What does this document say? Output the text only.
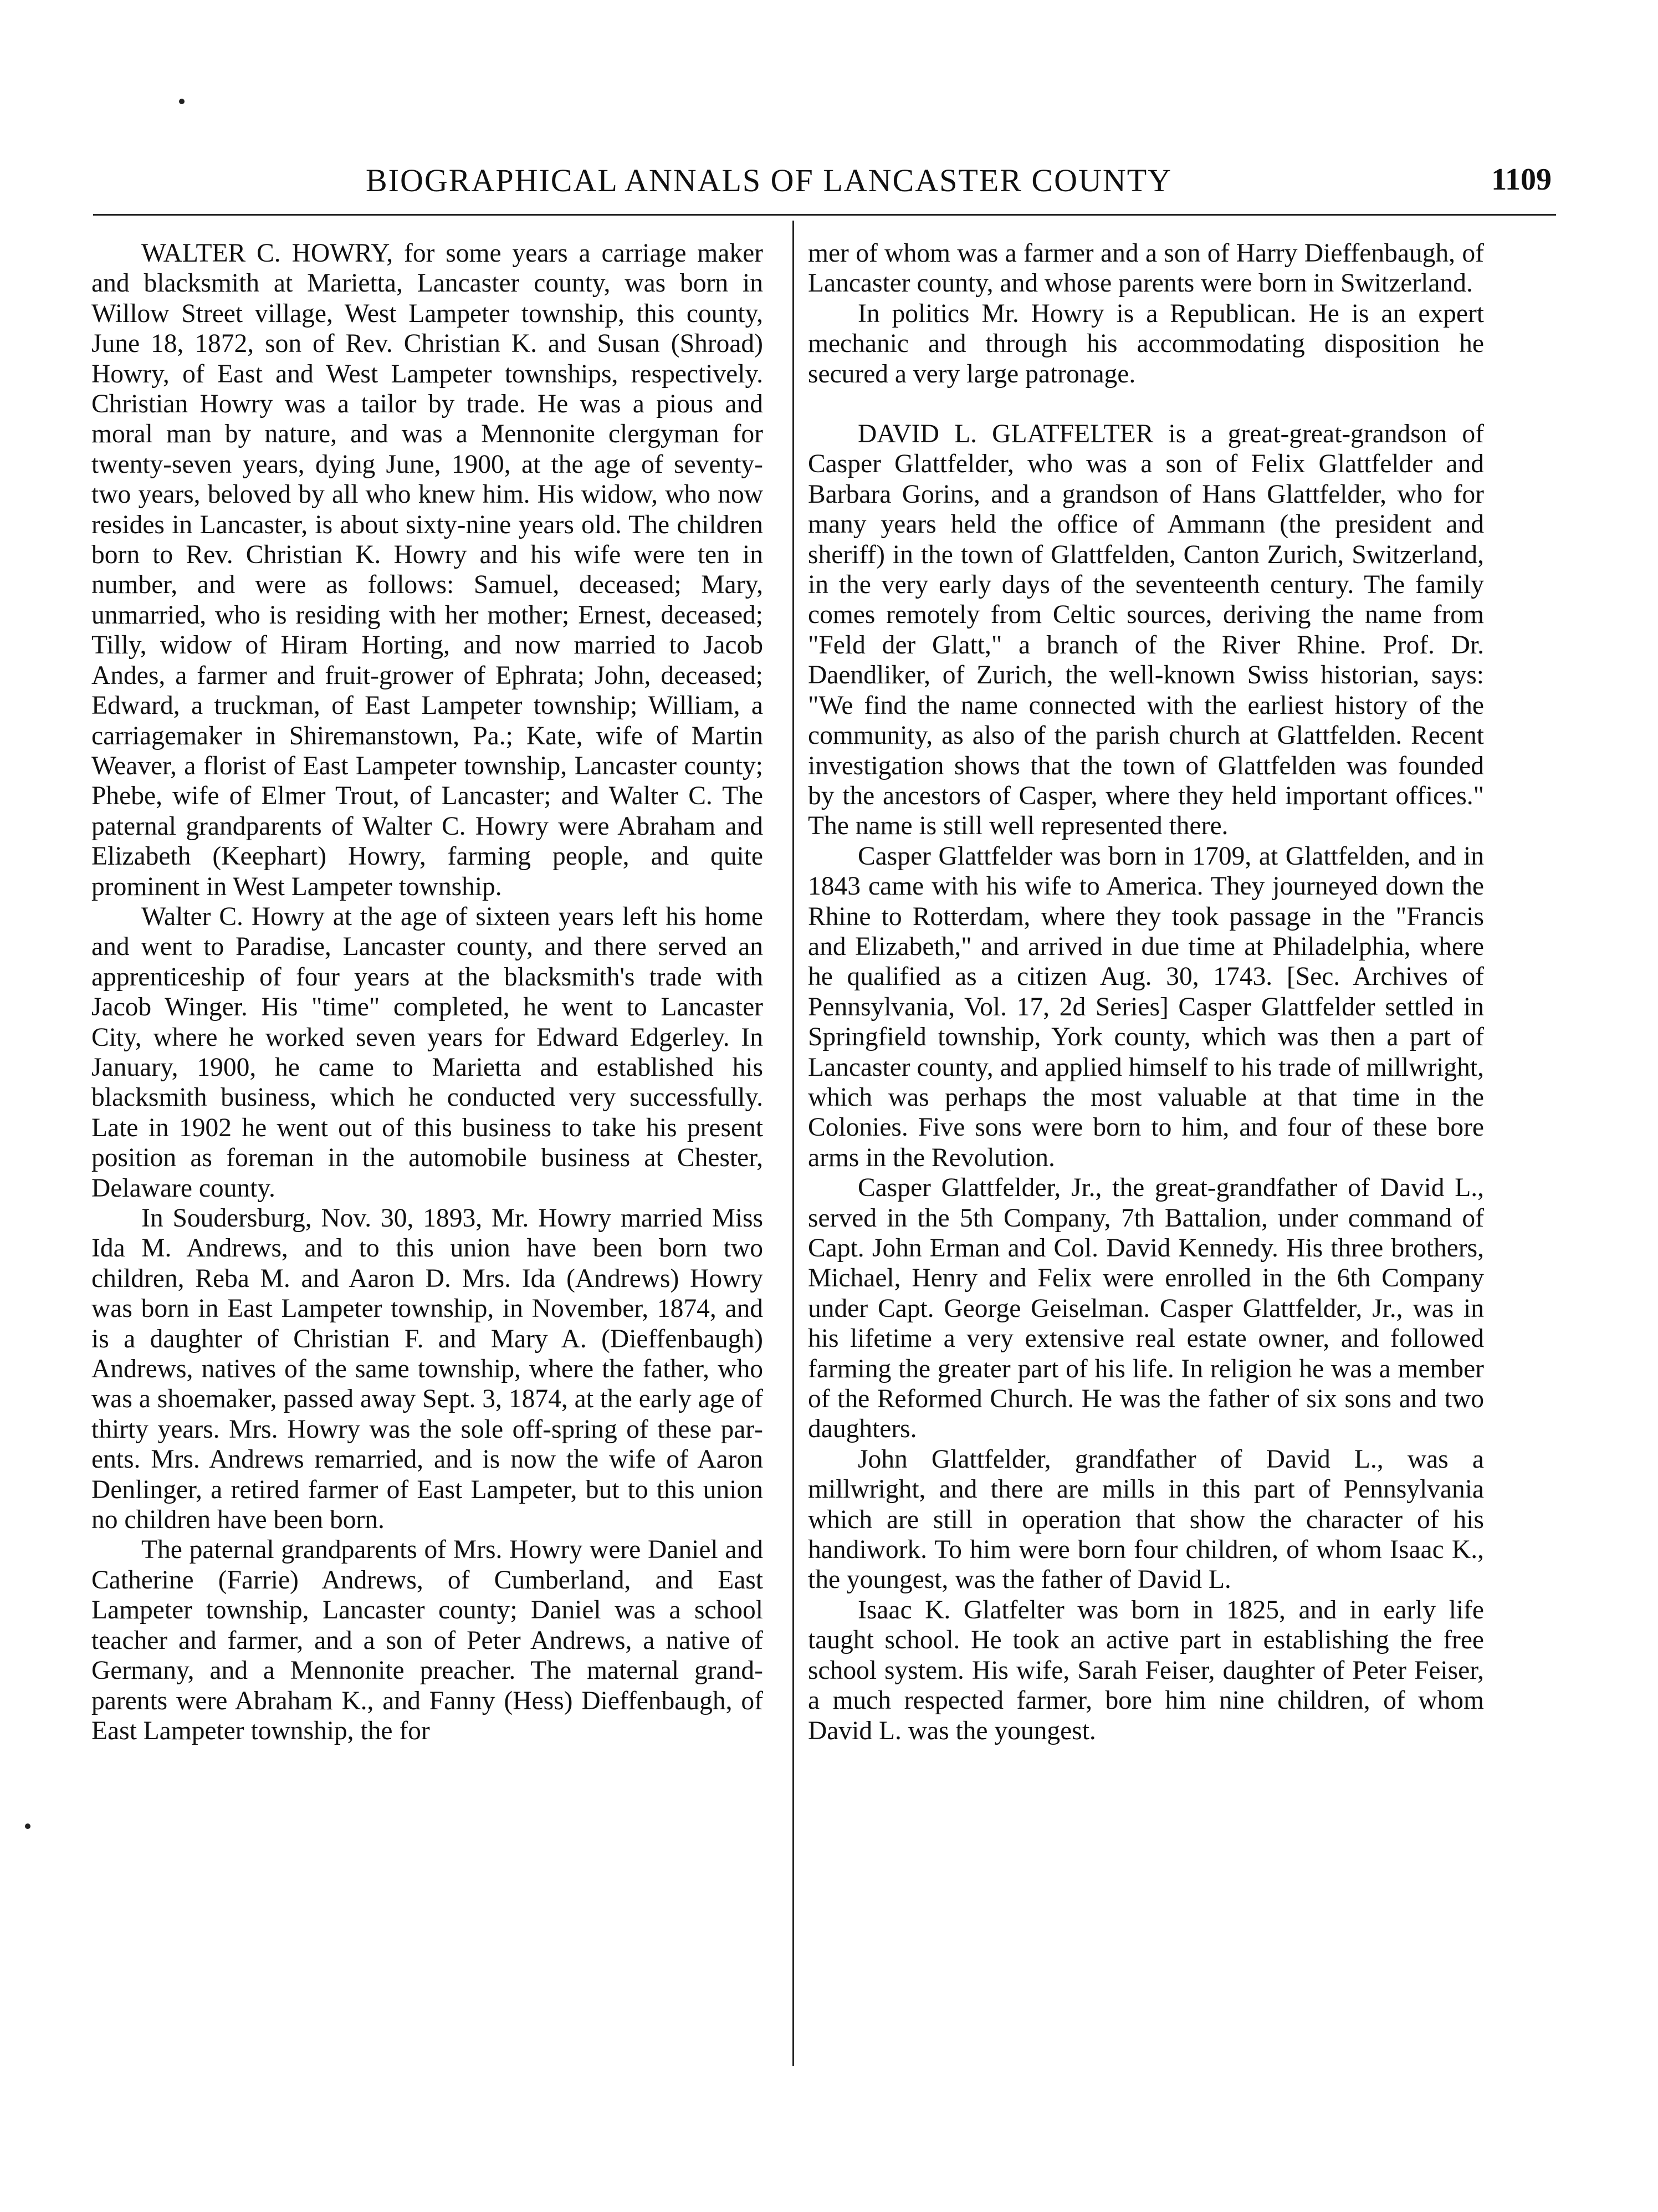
BIOGRAPHICAL ANNALS OF LANCASTER COUNTY	1109

WALTER C. HOWRY, for some years a carriage maker and blacksmith at Marietta, Lancaster county, was born in Willow Street village, West Lampeter township, this county, June 18, 1872, son of Rev. Christian K. and Susan (Shroad) Howry, of East and West Lampeter townships, respectively. Christian Howry was a tailor by trade. He was a pious and moral man by nature, and was a Mennonite clergyman for twenty-seven years, dying June, 1900, at the age of seventy-two years, beloved by all who knew him. His widow, who now resides in Lancaster, is about sixty-nine years old. The children born to Rev. Christian K. Howry and his wife were ten in number, and were as follows: Samuel, deceased; Mary, unmarried, who is residing with her mother; Ernest, deceased; Tilly, widow of Hiram Horting, and now married to Jacob Andes, a farmer and fruit-grower of Ephrata; John, deceased; Edward, a truckman, of East Lampeter township; William, a carriagemaker in Shiremanstown, Pa.; Kate, wife of Martin Weaver, a florist of East Lampeter township, Lancaster county; Phebe, wife of Elmer Trout, of Lancaster; and Walter C. The paternal grandparents of Walter C. Howry were Abraham and Elizabeth (Keephart) Howry, farming people, and quite prominent in West Lampeter township.

Walter C. Howry at the age of sixteen years left his home and went to Paradise, Lancaster county, and there served an apprenticeship of four years at the blacksmith's trade with Jacob Winger. His "time" completed, he went to Lancaster City, where he worked seven years for Edward Edgerley. In January, 1900, he came to Marietta and established his blacksmith business, which he conducted very successfully. Late in 1902 he went out of this business to take his present position as foreman in the automobile business at Chester, Delaware county.

In Soudersburg, Nov. 30, 1893, Mr. Howry married Miss Ida M. Andrews, and to this union have been born two children, Reba M. and Aaron D. Mrs. Ida (Andrews) Howry was born in East Lampeter township, in November, 1874, and is a daughter of Christian F. and Mary A. (Dieffenbaugh) Andrews, natives of the same township, where the father, who was a shoemaker, passed away Sept. 3, 1874, at the early age of thirty years. Mrs. Howry was the sole off-spring of these parents. Mrs. Andrews remarried, and is now the wife of Aaron Denlinger, a retired farmer of East Lampeter, but to this union no children have been born.

The paternal grandparents of Mrs. Howry were Daniel and Catherine (Farrie) Andrews, of Cumberland, and East Lampeter township, Lancaster county; Daniel was a school teacher and farmer, and a son of Peter Andrews, a native of Germany, and a Mennonite preacher. The maternal grandparents were Abraham K., and Fanny (Hess) Dieffenbaugh, of East Lampeter township, the for

mer of whom was a farmer and a son of Harry Dieffenbaugh, of Lancaster county, and whose parents were born in Switzerland.

In politics Mr. Howry is a Republican. He is an expert mechanic and through his accommodating disposition he secured a very large patronage.

DAVID L. GLATFELTER is a great-great-grandson of Casper Glattfelder, who was a son of Felix Glattfelder and Barbara Gorins, and a grandson of Hans Glattfelder, who for many years held the office of Ammann (the president and sheriff) in the town of Glattfelden, Canton Zurich, Switzerland, in the very early days of the seventeenth century. The family comes remotely from Celtic sources, deriving the name from "Feld der Glatt," a branch of the River Rhine. Prof. Dr. Daendliker, of Zurich, the well-known Swiss historian, says: "We find the name connected with the earliest history of the community, as also of the parish church at Glattfelden. Recent investigation shows that the town of Glattfelden was founded by the ancestors of Casper, where they held important offices." The name is still well represented there.

Casper Glattfelder was born in 1709, at Glattfelden, and in 1843 came with his wife to America. They journeyed down the Rhine to Rotterdam, where they took passage in the "Francis and Elizabeth," and arrived in due time at Philadelphia, where he qualified as a citizen Aug. 30, 1743. [Sec. Archives of Pennsylvania, Vol. 17, 2d Series] Casper Glattfelder settled in Springfield township, York county, which was then a part of Lancaster county, and applied himself to his trade of millwright, which was perhaps the most valuable at that time in the Colonies. Five sons were born to him, and four of these bore arms in the Revolution.

Casper Glattfelder, Jr., the great-grandfather of David L., served in the 5th Company, 7th Battalion, under command of Capt. John Erman and Col. David Kennedy. His three brothers, Michael, Henry and Felix were enrolled in the 6th Company under Capt. George Geiselman. Casper Glattfelder, Jr., was in his lifetime a very extensive real estate owner, and followed farming the greater part of his life. In religion he was a member of the Reformed Church. He was the father of six sons and two daughters.

John Glattfelder, grandfather of David L., was a millwright, and there are mills in this part of Pennsylvania which are still in operation that show the character of his handiwork. To him were born four children, of whom Isaac K., the youngest, was the father of David L.

Isaac K. Glatfelter was born in 1825, and in early life taught school. He took an active part in establishing the free school system. His wife, Sarah Feiser, daughter of Peter Feiser, a much respected farmer, bore him nine children, of whom David L. was the youngest.
